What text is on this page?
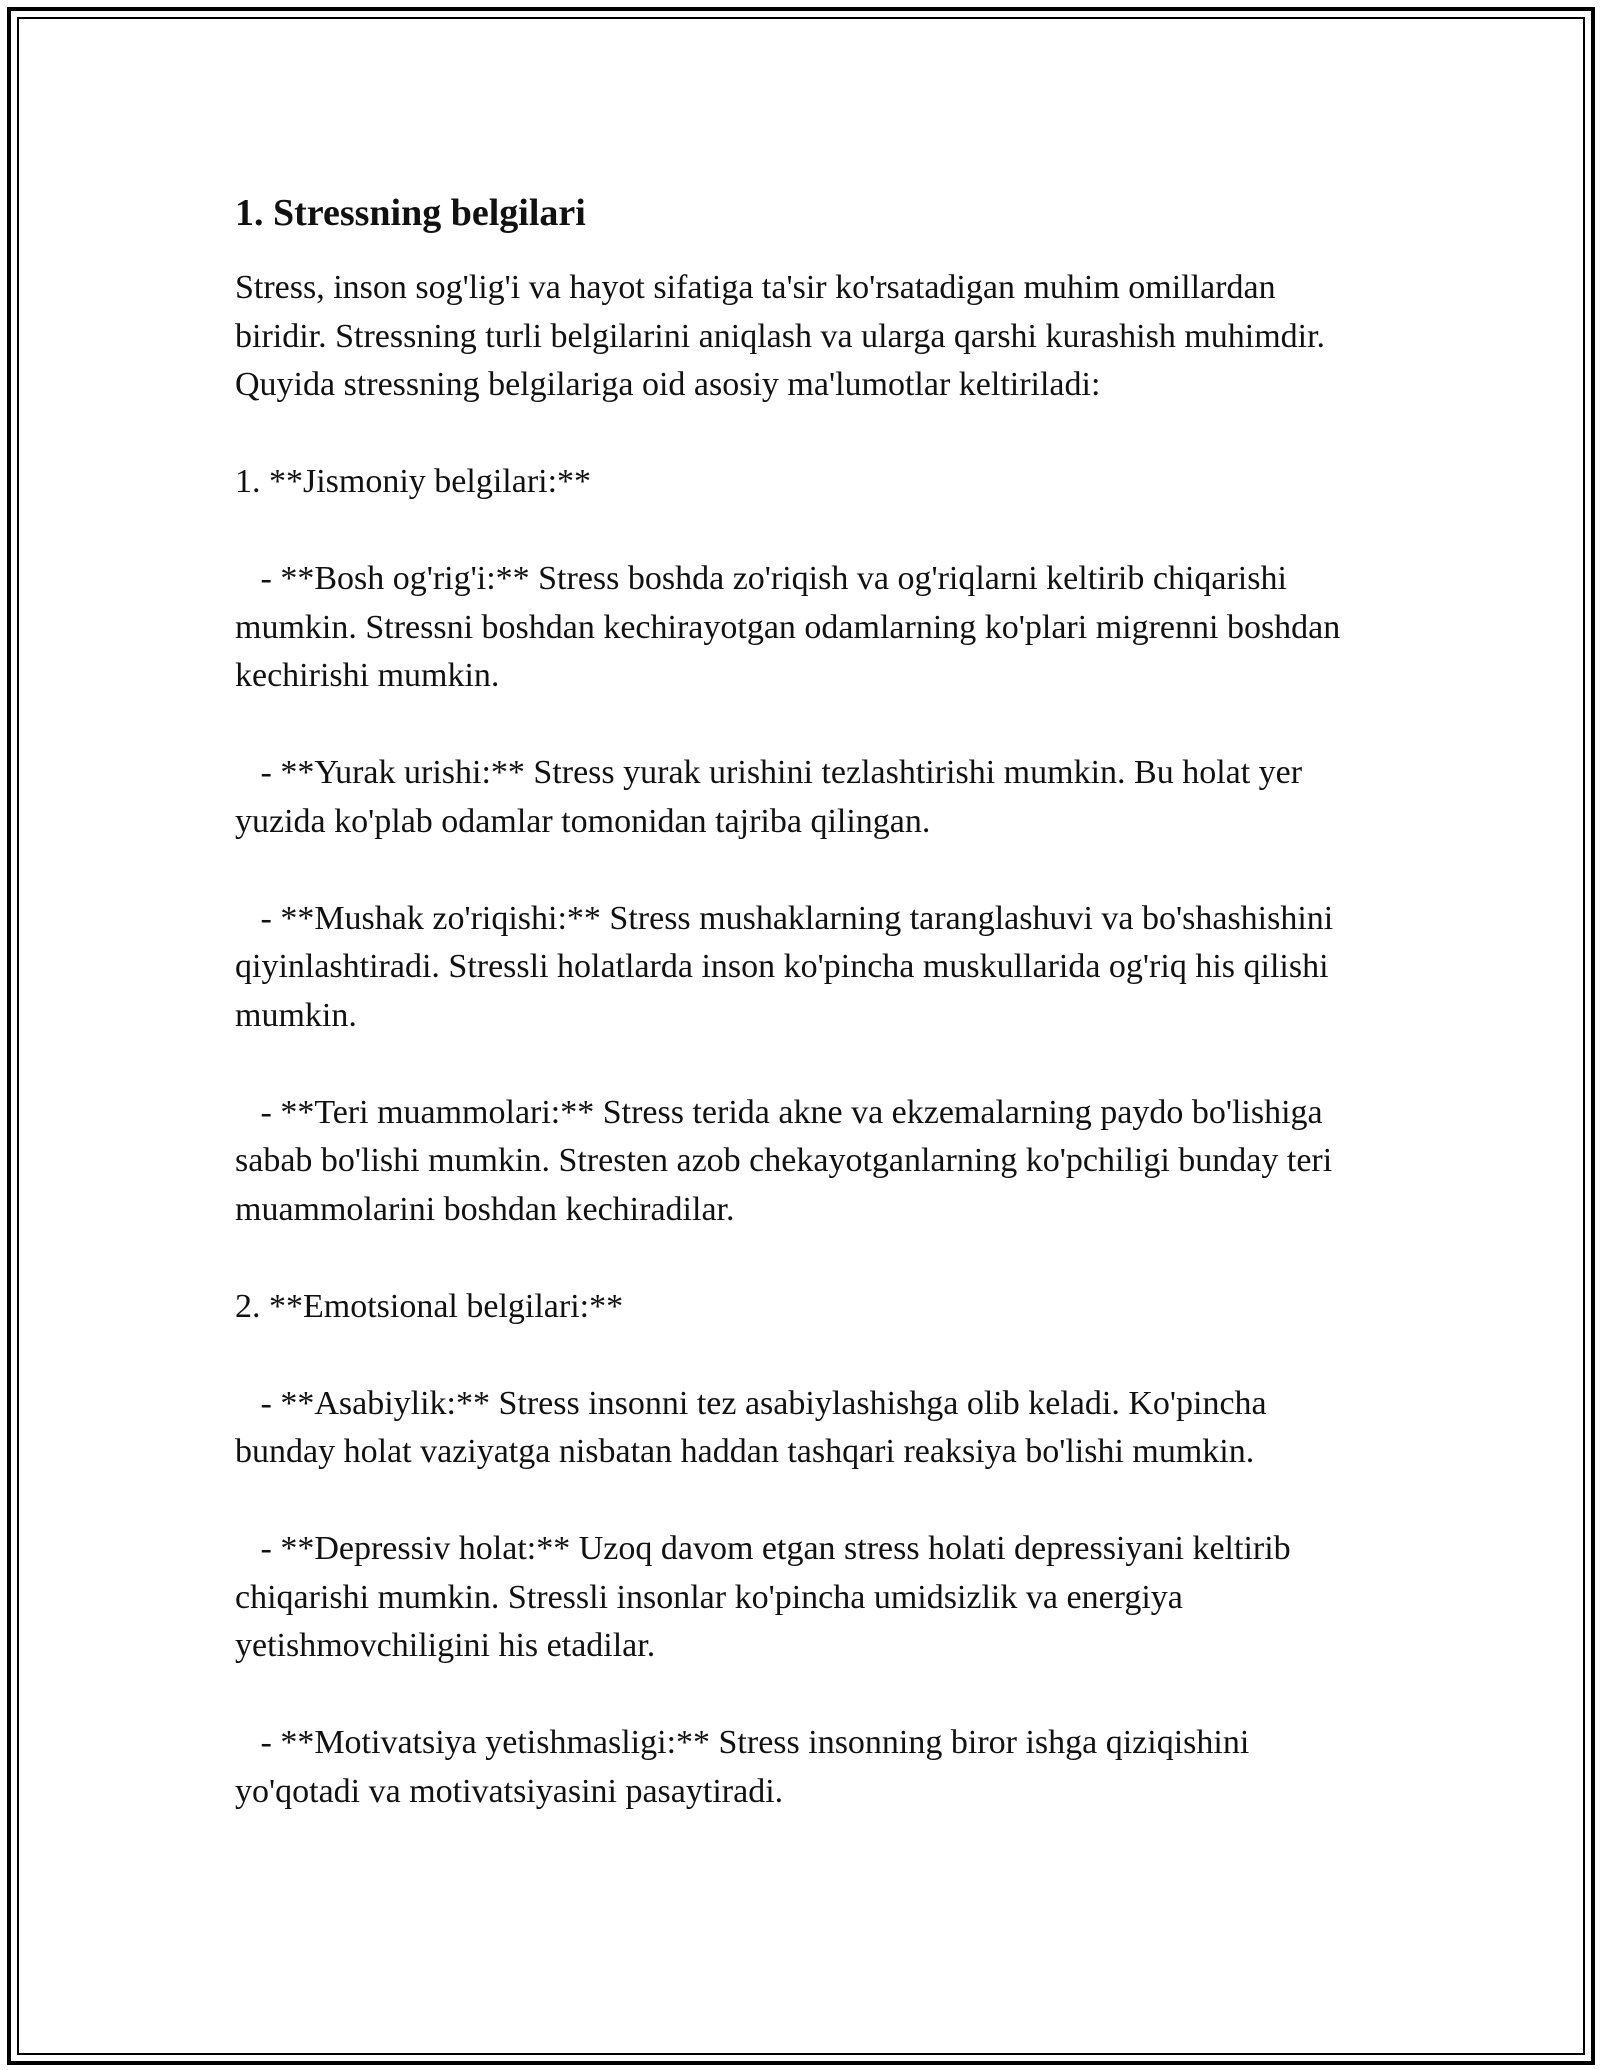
1. Stressning belgilari

Stress, inson sog'lig'i va hayot sifatiga ta'sir ko'rsatadigan muhim omillardan biridir. Stressning turli belgilarini aniqlash va ularga qarshi kurashish muhimdir. Quyida stressning belgilariga oid asosiy ma'lumotlar keltiriladi:

1. **Jismoniy belgilari:**

- **Bosh og'rig'i:** Stress boshda zo'riqish va og'riqlarni keltirib chiqarishi mumkin. Stressni boshdan kechirayotgan odamlarning ko'plari migrenni boshdan kechirishi mumkin.

- **Yurak urishi:** Stress yurak urishini tezlashtirishi mumkin. Bu holat yer yuzida ko'plab odamlar tomonidan tajriba qilingan.

- **Mushak zo'riqishi:** Stress mushaklarning taranglashuvi va bo'shashishini qiyinlashtiradi. Stressli holatlarda inson ko'pincha muskullarida og'riq his qilishi mumkin.

- **Teri muammolari:** Stress terida akne va ekzemalarning paydo bo'lishiga sabab bo'lishi mumkin. Stresten azob chekayotganlarning ko'pchiligi bunday teri muammolarini boshdan kechiradilar.

2. **Emotsional belgilari:**

- **Asabiylik:** Stress insonni tez asabiylashishga olib keladi. Ko'pincha bunday holat vaziyatga nisbatan haddan tashqari reaksiya bo'lishi mumkin.

- **Depressiv holat:** Uzoq davom etgan stress holati depressiyani keltirib chiqarishi mumkin. Stressli insonlar ko'pincha umidsizlik va energiya yetishmovchiligini his etadilar.

- **Motivatsiya yetishmasligi:** Stress insonning biror ishga qiziqishini yo'qotadi va motivatsiyasini pasaytiradi.
